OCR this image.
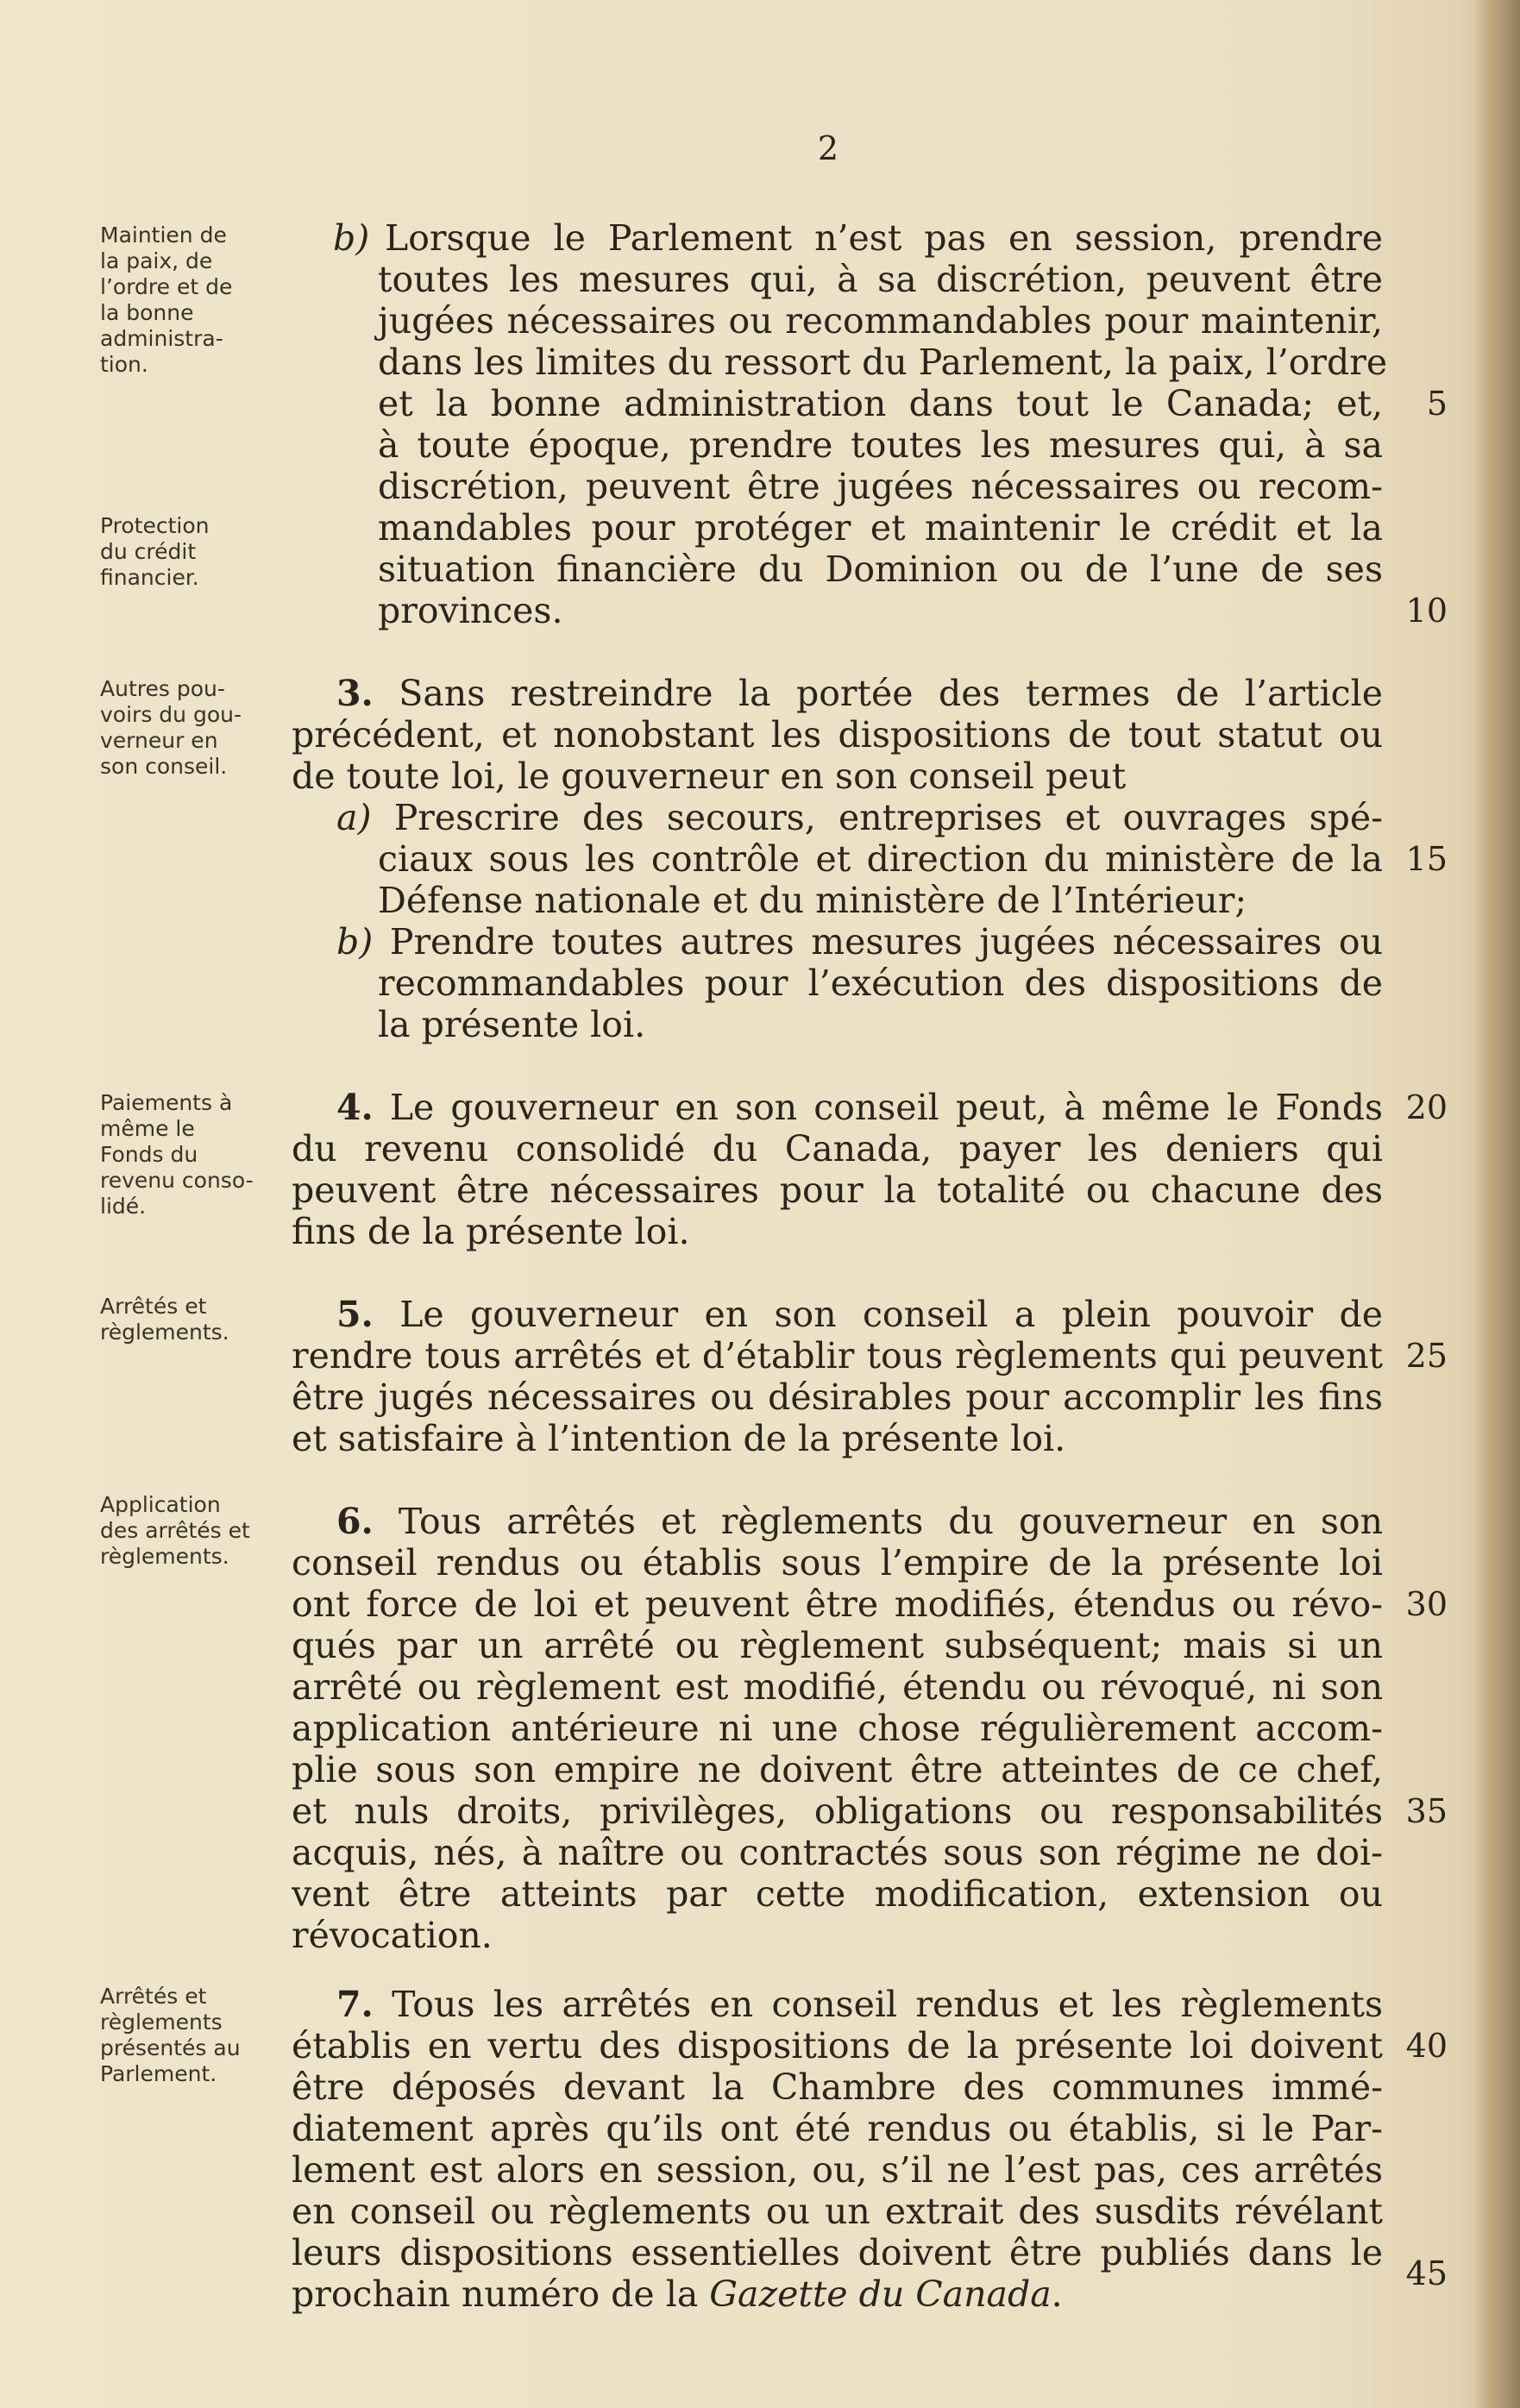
2
Maintien de
la paix, de
l’ordre et de
la bonne
administra-
tion.
Protection
du crédit
financier.
Autres pou-
voirs du gou-
verneur en
son conseil.
Paiements à
même le
Fonds du
revenu conso-
lidé.
Arrêtés et
règlements.
Application
des arrêtés et
règlements.
Arrêtés et
règlements
présentés au
Parlement.
b) Lorsque le Parlement n’est pas en session, prendre
toutes les mesures qui, à sa discrétion, peuvent être
jugées nécessaires ou recommandables pour maintenir,
dans les limites du ressort du Parlement, la paix, l’ordre
et la bonne administration dans tout le Canada; et,
à toute époque, prendre toutes les mesures qui, à sa
discrétion, peuvent être jugées nécessaires ou recom-
mandables pour protéger et maintenir le crédit et la
situation financière du Dominion ou de l’une de ses
provinces.
3. Sans restreindre la portée des termes de l’article
précédent, et nonobstant les dispositions de tout statut ou
de toute loi, le gouverneur en son conseil peut
a) Prescrire des secours, entreprises et ouvrages spé-
ciaux sous les contrôle et direction du ministère de la
Défense nationale et du ministère de l’Intérieur;
b) Prendre toutes autres mesures jugées nécessaires ou
recommandables pour l’exécution des dispositions de
la présente loi.
4. Le gouverneur en son conseil peut, à même le Fonds
du revenu consolidé du Canada, payer les deniers qui
peuvent être nécessaires pour la totalité ou chacune des
fins de la présente loi.
5. Le gouverneur en son conseil a plein pouvoir de
rendre tous arrêtés et d’établir tous règlements qui peuvent
être jugés nécessaires ou désirables pour accomplir les fins
et satisfaire à l’intention de la présente loi.
6. Tous arrêtés et règlements du gouverneur en son
conseil rendus ou établis sous l’empire de la présente loi
ont force de loi et peuvent être modifiés, étendus ou révo-
qués par un arrêté ou règlement subséquent; mais si un
arrêté ou règlement est modifié, étendu ou révoqué, ni son
application antérieure ni une chose régulièrement accom-
plie sous son empire ne doivent être atteintes de ce chef,
et nuls droits, privilèges, obligations ou responsabilités
acquis, nés, à naître ou contractés sous son régime ne doi-
vent être atteints par cette modification, extension ou
révocation.
7. Tous les arrêtés en conseil rendus et les règlements
établis en vertu des dispositions de la présente loi doivent
être déposés devant la Chambre des communes immé-
diatement après qu’ils ont été rendus ou établis, si le Par-
lement est alors en session, ou, s’il ne l’est pas, ces arrêtés
en conseil ou règlements ou un extrait des susdits révélant
leurs dispositions essentielles doivent être publiés dans le
prochain numéro de la Gazette du Canada.
5
10
15
20
25
30
35
40
45
